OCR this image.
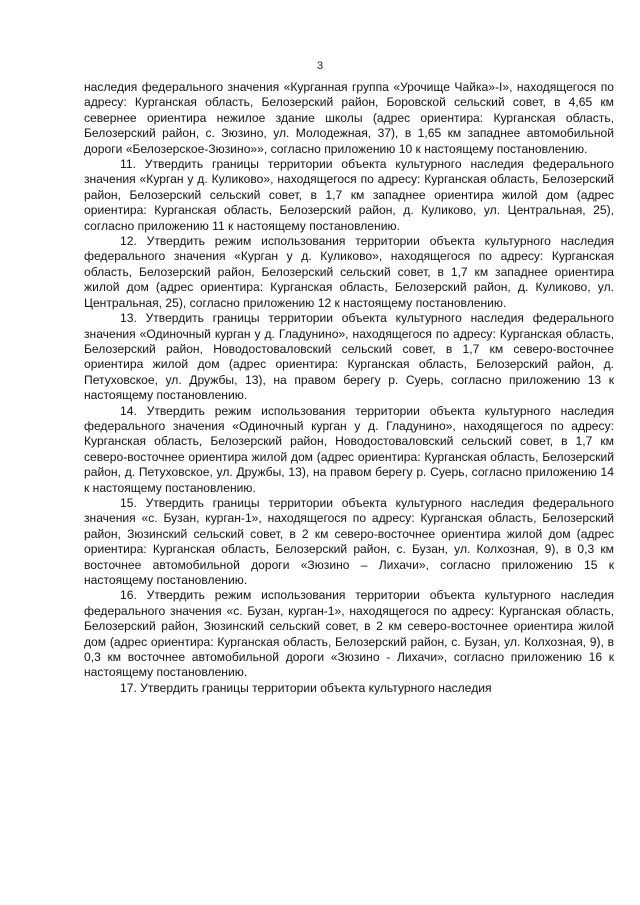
3

наследия федерального значения «Курганная группа «Урочище Чайка»-I», находящегося по адресу: Курганская область, Белозерский район, Боровской сельский совет, в 4,65 км севернее ориентира нежилое здание школы (адрес ориентира: Курганская область, Белозерский район, с. Зюзино, ул. Молодежная, 37), в 1,65 км западнее автомобильной дороги «Белозерское-Зюзино»», согласно приложению 10 к настоящему постановлению.

11. Утвердить границы территории объекта культурного наследия федерального значения «Курган у д. Куликово», находящегося по адресу: Курганская область, Белозерский район, Белозерский сельский совет, в 1,7 км западнее ориентира жилой дом (адрес ориентира: Курганская область, Белозерский район, д. Куликово, ул. Центральная, 25), согласно приложению 11 к настоящему постановлению.

12. Утвердить режим использования территории объекта культурного наследия федерального значения «Курган у д. Куликово», находящегося по адресу: Курганская область, Белозерский район, Белозерский сельский совет, в 1,7 км западнее ориентира жилой дом (адрес ориентира: Курганская область, Белозерский район, д. Куликово, ул. Центральная, 25), согласно приложению 12 к настоящему постановлению.

13. Утвердить границы территории объекта культурного наследия федерального значения «Одиночный курган у д. Гладунино», находящегося по адресу: Курганская область, Белозерский район, Новодостоваловский сельский совет, в 1,7 км северо-восточнее ориентира жилой дом (адрес ориентира: Курганская область, Белозерский район, д. Петуховское, ул. Дружбы, 13), на правом берегу р. Суерь, согласно приложению 13 к настоящему постановлению.

14. Утвердить режим использования территории объекта культурного наследия федерального значения «Одиночный курган у д. Гладунино», находящегося по адресу: Курганская область, Белозерский район, Новодостоваловский сельский совет, в 1,7 км северо-восточнее ориентира жилой дом (адрес ориентира: Курганская область, Белозерский район, д. Петуховское, ул. Дружбы, 13), на правом берегу р. Суерь, согласно приложению 14 к настоящему постановлению.

15. Утвердить границы территории объекта культурного наследия федерального значения «с. Бузан, курган-1», находящегося по адресу: Курганская область, Белозерский район, Зюзинский сельский совет, в 2 км северо-восточнее ориентира жилой дом (адрес ориентира: Курганская область, Белозерский район, с. Бузан, ул. Колхозная, 9), в 0,3 км восточнее автомобильной дороги «Зюзино – Лихачи», согласно приложению 15 к настоящему постановлению.

16. Утвердить режим использования территории объекта культурного наследия федерального значения «с. Бузан, курган-1», находящегося по адресу: Курганская область, Белозерский район, Зюзинский сельский совет, в 2 км северо-восточнее ориентира жилой дом (адрес ориентира: Курганская область, Белозерский район, с. Бузан, ул. Колхозная, 9), в 0,3 км восточнее автомобильной дороги «Зюзино - Лихачи», согласно приложению 16 к настоящему постановлению.

17. Утвердить границы территории объекта культурного наследия
